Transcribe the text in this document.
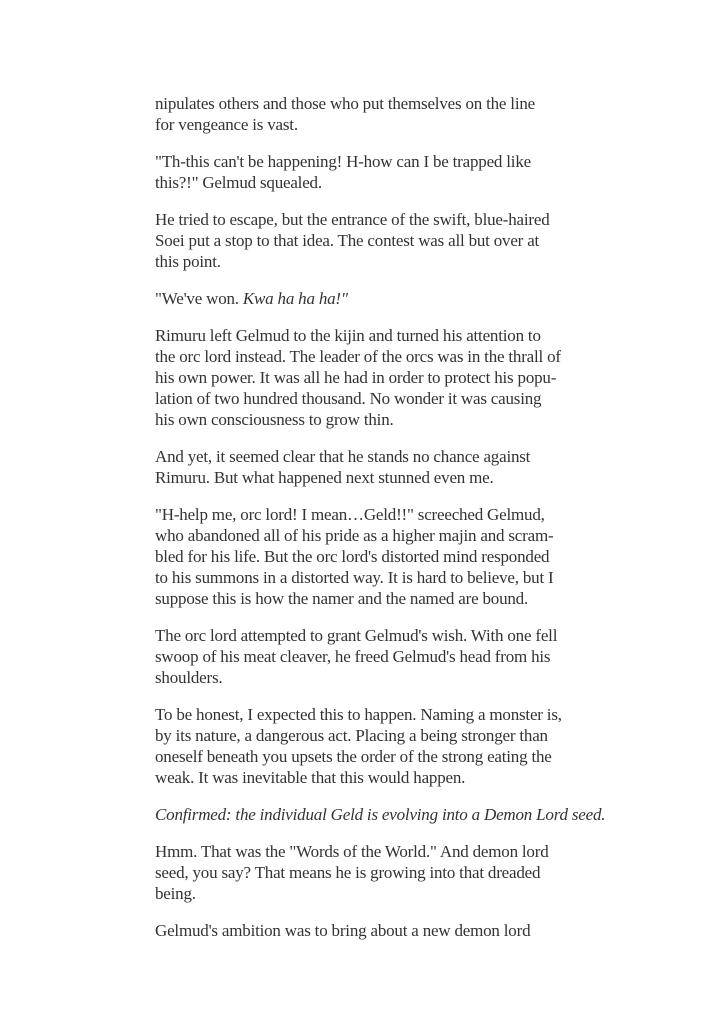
nipulates others and those who put themselves on the line
for vengeance is vast.

"Th-this can't be happening! H-how can I be trapped like
this?!" Gelmud squealed.

He tried to escape, but the entrance of the swift, blue-haired
Soei put a stop to that idea. The contest was all but over at
this point.

"We've won. Kwa ha ha ha!"

Rimuru left Gelmud to the kijin and turned his attention to
the orc lord instead. The leader of the orcs was in the thrall of
his own power. It was all he had in order to protect his popu-
lation of two hundred thousand. No wonder it was causing
his own consciousness to grow thin.

And yet, it seemed clear that he stands no chance against
Rimuru. But what happened next stunned even me.

"H-help me, orc lord! I mean…Geld!!" screeched Gelmud,
who abandoned all of his pride as a higher majin and scram-
bled for his life. But the orc lord's distorted mind responded
to his summons in a distorted way. It is hard to believe, but I
suppose this is how the namer and the named are bound.

The orc lord attempted to grant Gelmud's wish. With one fell
swoop of his meat cleaver, he freed Gelmud's head from his
shoulders.

To be honest, I expected this to happen. Naming a monster is,
by its nature, a dangerous act. Placing a being stronger than
oneself beneath you upsets the order of the strong eating the
weak. It was inevitable that this would happen.

Confirmed: the individual Geld is evolving into a Demon Lord seed.

Hmm. That was the "Words of the World." And demon lord
seed, you say? That means he is growing into that dreaded
being.

Gelmud's ambition was to bring about a new demon lord
